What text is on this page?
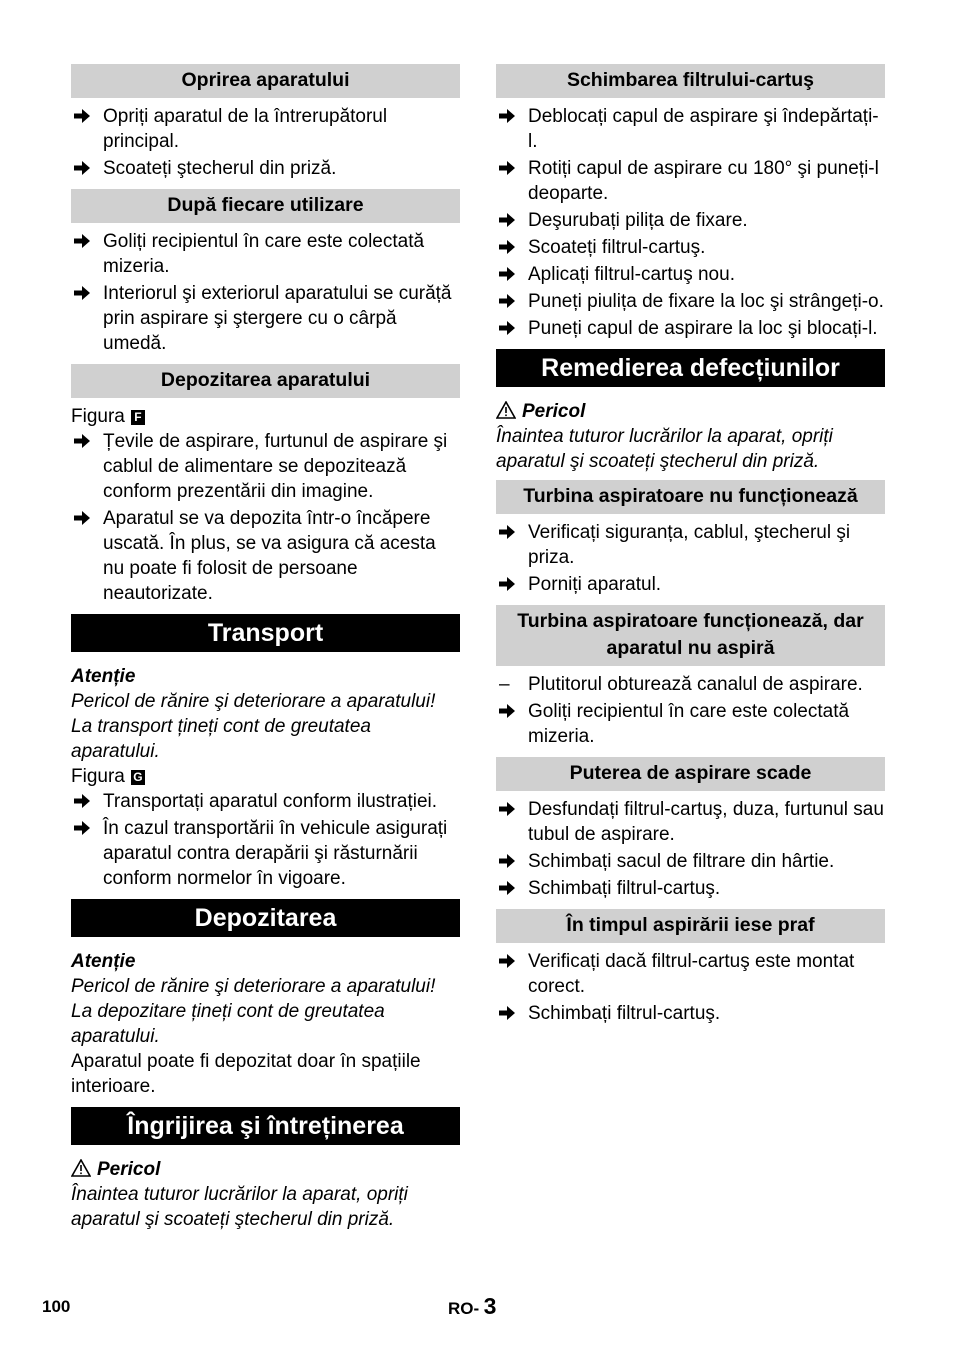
Oprirea aparatului
Opriți aparatul de la întrerupătorul principal.
Scoateți ştecherul din priză.
După fiecare utilizare
Goliți recipientul în care este colectată mizeria.
Interiorul şi exteriorul aparatului se curăță prin aspirare şi ştergere cu o cârpă umedă.
Depozitarea aparatului
Figura F
Țevile de aspirare, furtunul de aspirare şi cablul de alimentare se depozitează conform prezentării din imagine.
Aparatul se va depozita într-o încăpere uscată. În plus, se va asigura că acesta nu poate fi folosit de persoane neautorizate.
Transport
Atenție
Pericol de rănire şi deteriorare a aparatului! La transport țineți cont de greutatea aparatului.
Figura G
Transportați aparatul conform ilustrației.
În cazul transportării în vehicule asigurați aparatul contra derapării şi răsturnării conform normelor în vigoare.
Depozitarea
Atenție
Pericol de rănire şi deteriorare a aparatului! La depozitare țineți cont de greutatea aparatului.
Aparatul poate fi depozitat doar în spațiile interioare.
Îngrijirea şi întreținerea
Pericol
Înaintea tuturor lucrărilor la aparat, opriți aparatul şi scoateți ştecherul din priză.
Schimbarea filtrului-cartuş
Deblocați capul de aspirare şi îndepărtați-l.
Rotiți capul de aspirare cu 180° şi puneți-l deoparte.
Deşurubați pilița de fixare.
Scoateți filtrul-cartuş.
Aplicați filtrul-cartuş nou.
Puneți piulița de fixare la loc şi strângeți-o.
Puneți capul de aspirare la loc şi blocați-l.
Remedierea defecțiunilor
Pericol
Înaintea tuturor lucrărilor la aparat, opriți aparatul şi scoateți ştecherul din priză.
Turbina aspiratoare nu funcționează
Verificați siguranța, cablul, ştecherul şi priza.
Porniți aparatul.
Turbina aspiratoare funcționează, dar aparatul nu aspiră
– Plutitorul obturează canalul de aspirare.
Goliți recipientul în care este colectată mizeria.
Puterea de aspirare scade
Desfundați filtrul-cartuş, duza, furtunul sau tubul de aspirare.
Schimbați sacul de filtrare din hârtie.
Schimbați filtrul-cartuş.
În timpul aspirării iese praf
Verificați dacă filtrul-cartuş este montat corect.
Schimbați filtrul-cartuş.
100	RO- 3
